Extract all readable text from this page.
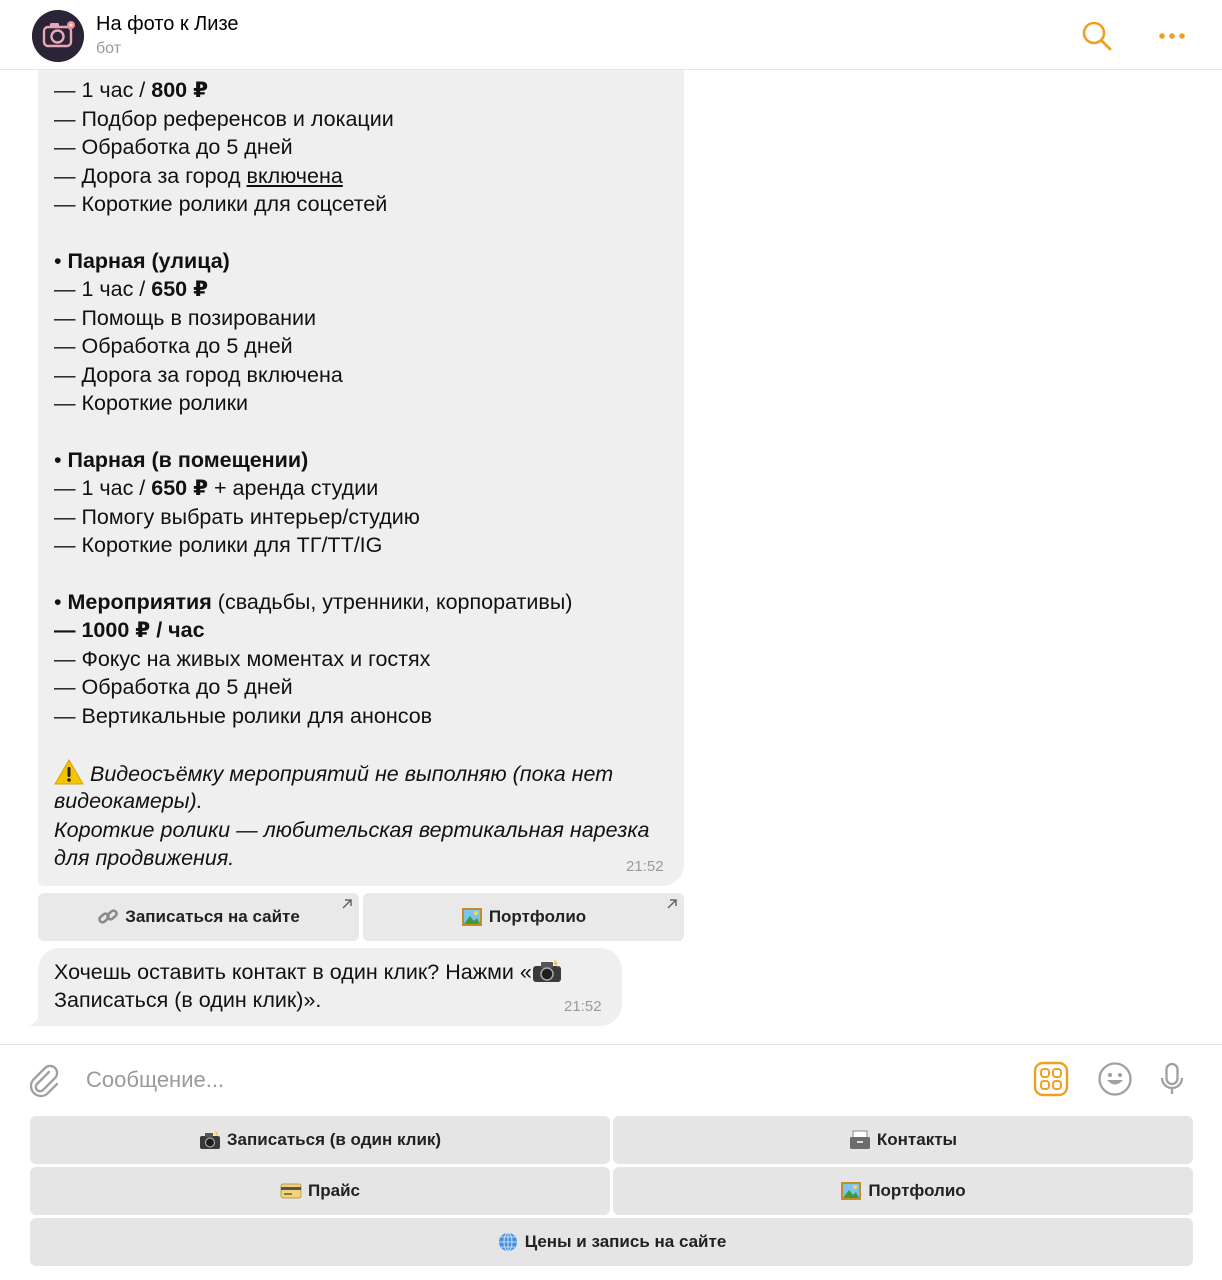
— 1 час / 800 ₽
— Подбор референсов и локации
— Обработка до 5 дней
— Дорога за город включена
— Короткие ролики для соцсетей
• Парная (улица)
— 1 час / 650 ₽
— Помощь в позировании
— Обработка до 5 дней
— Дорога за город включена
— Короткие ролики
• Парная (в помещении)
— 1 час / 650 ₽ + аренда студии
— Помогу выбрать интерьер/студию
— Короткие ролики для ТГ/TT/IG
• Мероприятия (свадьбы, утренники, корпоративы)
— 1000 ₽ / час
— Фокус на живых моментах и гостях
— Обработка до 5 дней
— Вертикальные ролики для анонсов
Видеосъёмку мероприятий не выполняю (пока нет
видеокамеры).
Короткие ролики — любительская вертикальная нарезка
для продвижения.	21:52
Записаться на сайте	Портфолио
Хочешь оставить контакт в один клик? Нажми «
Записаться (в один клик)».	21:52
На фото к Лизе
бот
Сообщение...
Записаться (в один клик)	Контакты
Прайс	Портфолио
Цены и запись на сайте
